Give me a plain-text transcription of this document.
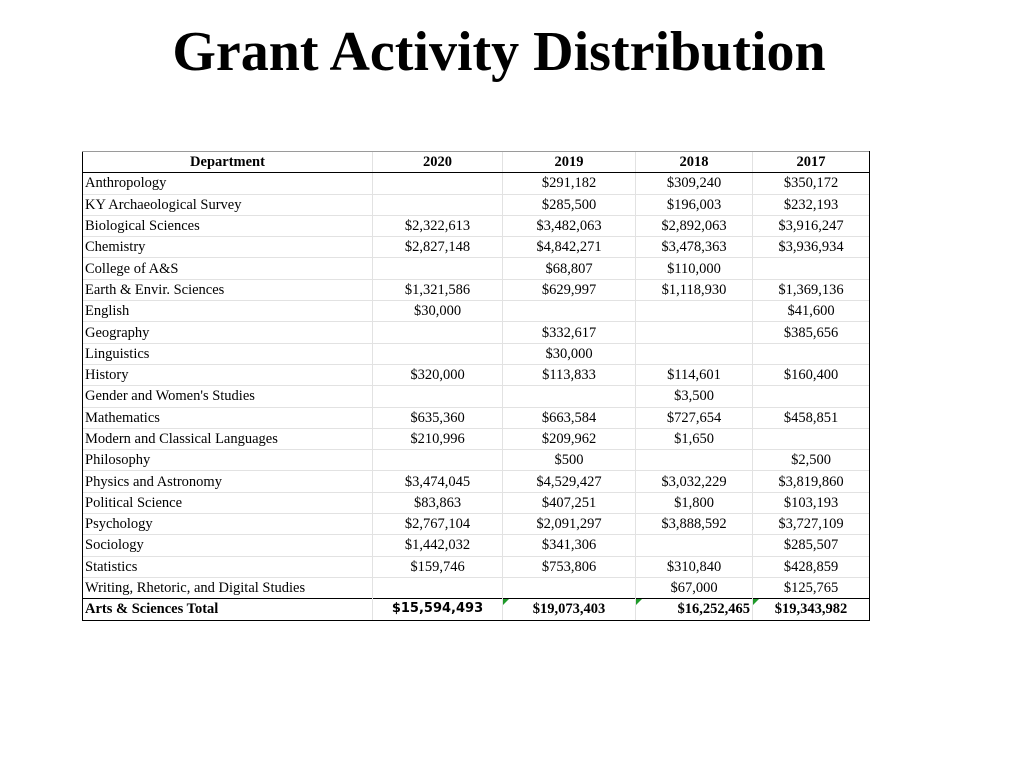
Grant Activity Distribution
Department	2020	2019	2018	2017
Anthropology		$291,182	$309,240	$350,172
KY Archaeological Survey		$285,500	$196,003	$232,193
Biological Sciences	$2,322,613	$3,482,063	$2,892,063	$3,916,247
Chemistry	$2,827,148	$4,842,271	$3,478,363	$3,936,934
College of A&S		$68,807	$110,000	
Earth & Envir. Sciences	$1,321,586	$629,997	$1,118,930	$1,369,136
English	$30,000			$41,600
Geography		$332,617		$385,656
Linguistics		$30,000		
History	$320,000	$113,833	$114,601	$160,400
Gender and Women's Studies			$3,500	
Mathematics	$635,360	$663,584	$727,654	$458,851
Modern and Classical Languages	$210,996	$209,962	$1,650	
Philosophy		$500		$2,500
Physics and Astronomy	$3,474,045	$4,529,427	$3,032,229	$3,819,860
Political Science	$83,863	$407,251	$1,800	$103,193
Psychology	$2,767,104	$2,091,297	$3,888,592	$3,727,109
Sociology	$1,442,032	$341,306		$285,507
Statistics	$159,746	$753,806	$310,840	$428,859
Writing, Rhetoric, and Digital Studies			$67,000	$125,765
Arts & Sciences Total	$15,594,493	$19,073,403	$16,252,465	$19,343,982
